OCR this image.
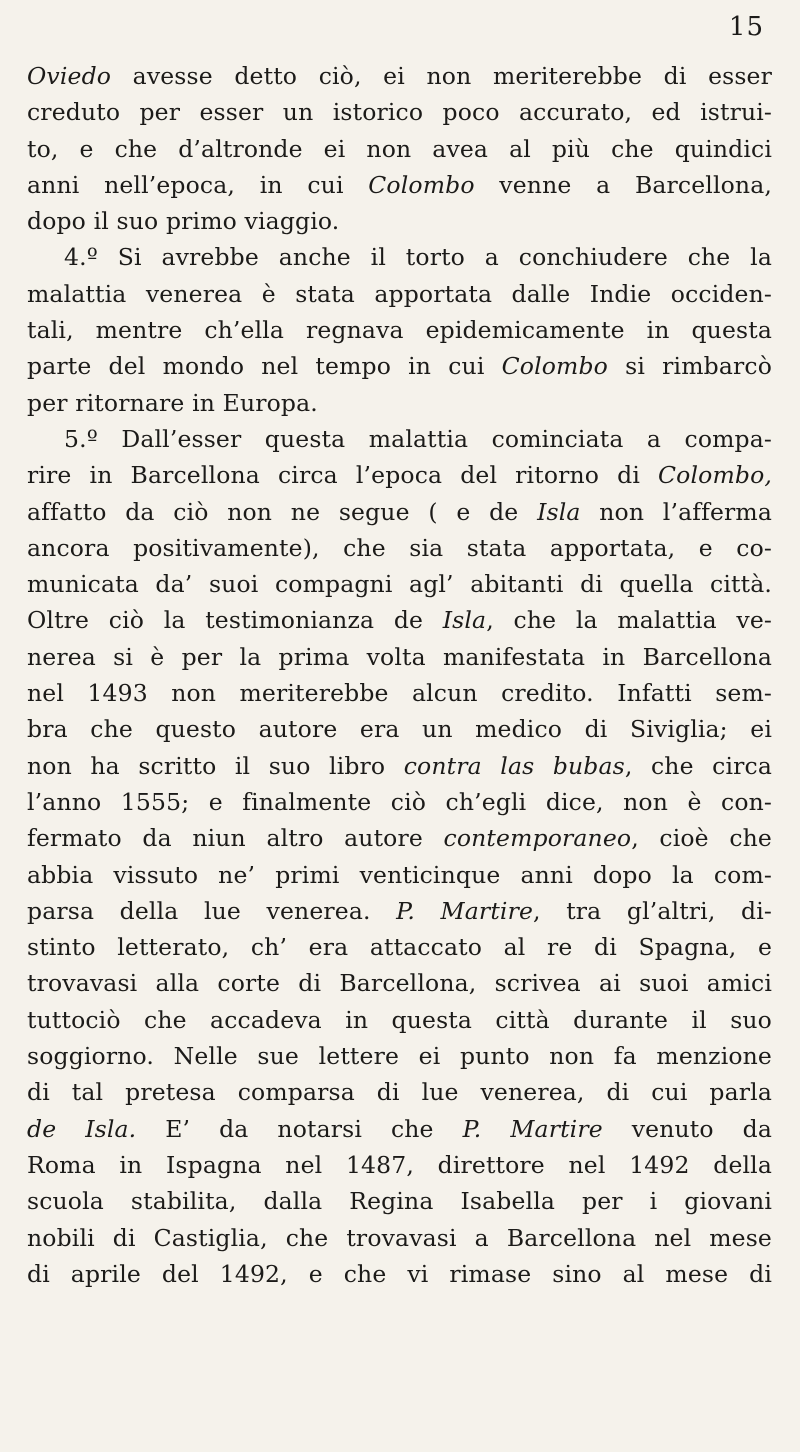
15
Oviedo avesse detto ciò, ei non meriterebbe di esser
creduto per esser un istorico poco accurato, ed istrui-
to, e che d’altronde ei non avea al più che quindici
anni nell’epoca, in cui Colombo venne a Barcellona,
dopo il suo primo viaggio.
4.º Si avrebbe anche il torto a conchiudere che la
malattia venerea è stata apportata dalle Indie occiden-
tali, mentre ch’ella regnava epidemicamente in questa
parte del mondo nel tempo in cui Colombo si rimbarcò
per ritornare in Europa.
5.º Dall’esser questa malattia cominciata a compa-
rire in Barcellona circa l’epoca del ritorno di Colombo,
affatto da ciò non ne segue ( e de Isla non l’afferma
ancora positivamente), che sia stata apportata, e co-
municata da’ suoi compagni agl’ abitanti di quella città.
Oltre ciò la testimonianza de Isla, che la malattia ve-
nerea si è per la prima volta manifestata in Barcellona
nel 1493 non meriterebbe alcun credito. Infatti sem-
bra che questo autore era un medico di Siviglia; ei
non ha scritto il suo libro contra las bubas, che circa
l’anno 1555; e finalmente ciò ch’egli dice, non è con-
fermato da niun altro autore contemporaneo, cioè che
abbia vissuto ne’ primi venticinque anni dopo la com-
parsa della lue venerea. P. Martire, tra gl’altri, di-
stinto letterato, ch’ era attaccato al re di Spagna, e
trovavasi alla corte di Barcellona, scrivea ai suoi amici
tuttociò che accadeva in questa città durante il suo
soggiorno. Nelle sue lettere ei punto non fa menzione
di tal pretesa comparsa di lue venerea, di cui parla
de Isla. E’ da notarsi che P. Martire venuto da
Roma in Ispagna nel 1487, direttore nel 1492 della
scuola stabilita, dalla Regina Isabella per i giovani
nobili di Castiglia, che trovavasi a Barcellona nel mese
di aprile del 1492, e che vi rimase sino al mese di
